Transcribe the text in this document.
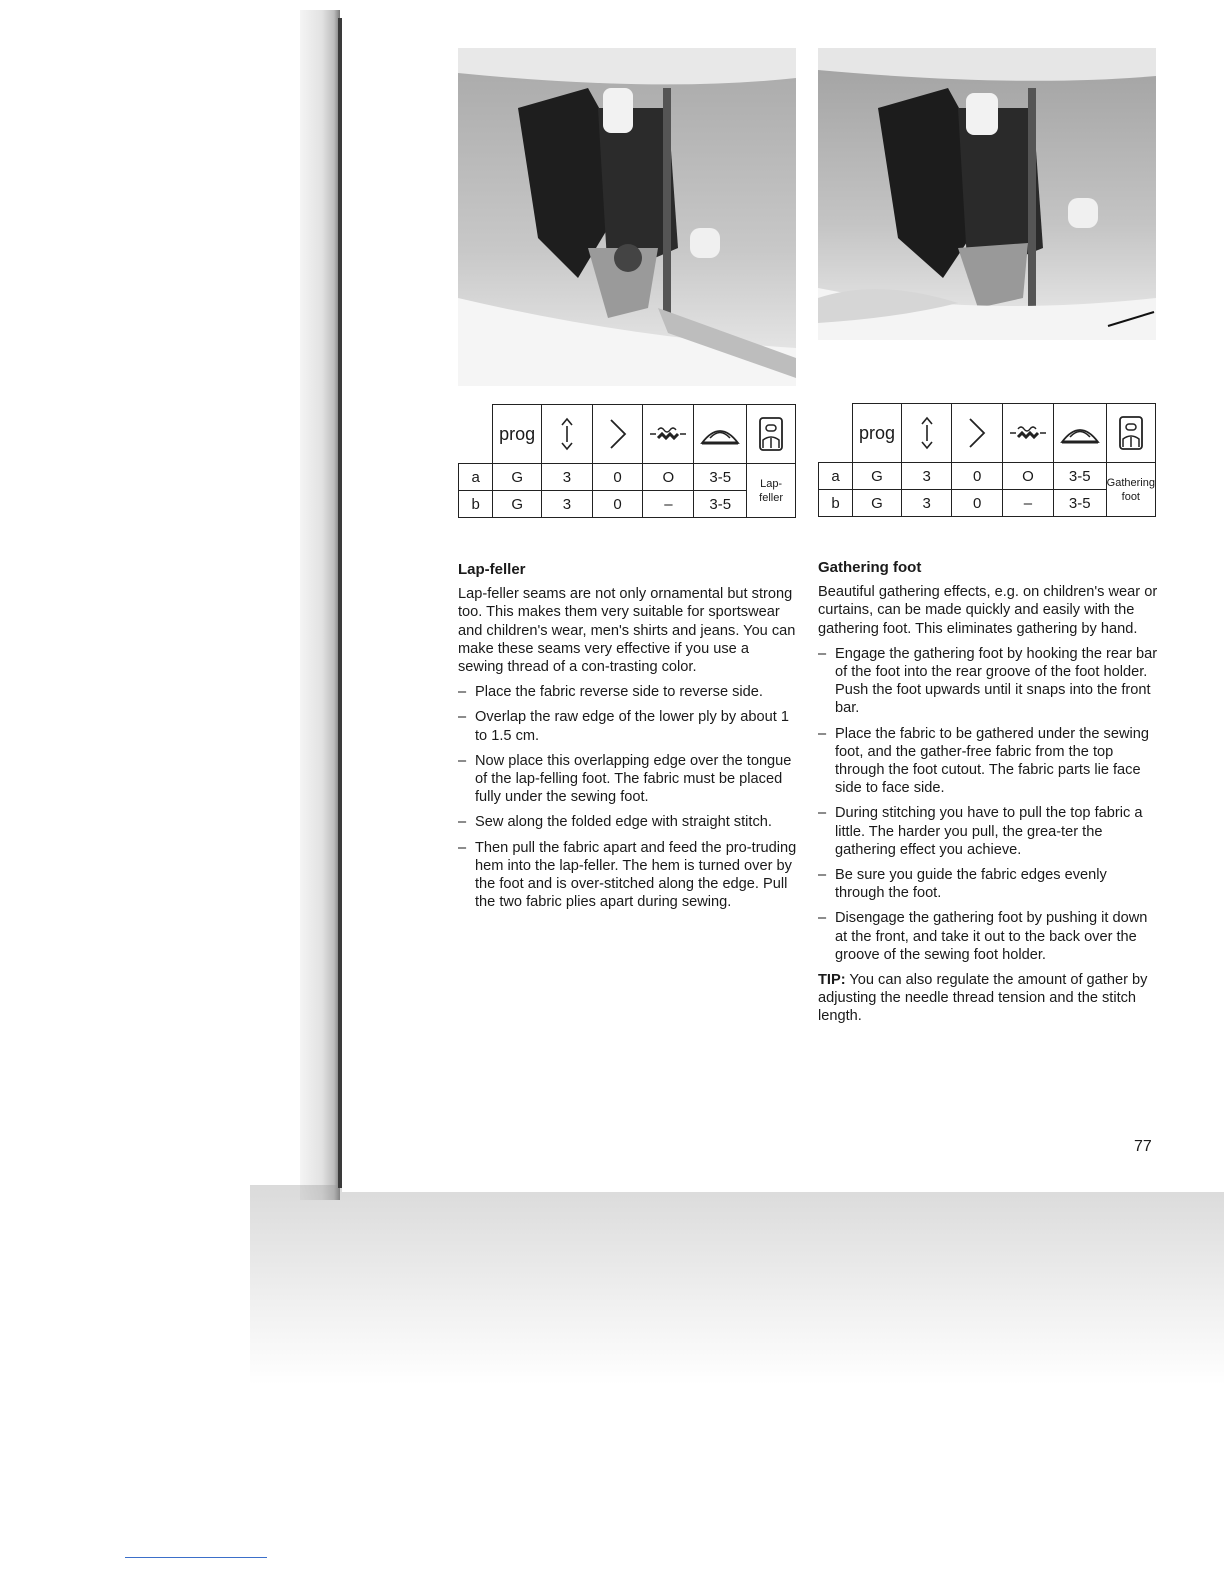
	prog	

a	G	3	0	O	3-5	Lap-
feller
b	G	3	0	–	3-5	
	prog	

a	G	3	0	O	3-5	Gathering
foot
b	G	3	0	–	3-5	
Lap-feller

Lap-feller seams are not only ornamental but strong too. This makes them very suitable for sportswear and children's wear, men's shirts and jeans. You can make these seams very effective if you use a sewing thread of a con-trasting color.

– Place the fabric reverse side to reverse side.
– Overlap the raw edge of the lower ply by about 1 to 1.5 cm.
– Now place this overlapping edge over the tongue of the lap-felling foot. The fabric must be placed fully under the sewing foot.
– Sew along the folded edge with straight stitch.
– Then pull the fabric apart and feed the pro-truding hem into the lap-feller. The hem is turned over by the foot and is over-stitched along the edge. Pull the two fabric plies apart during sewing.
Gathering foot

Beautiful gathering effects, e.g. on children's wear or curtains, can be made quickly and easily with the gathering foot. This eliminates gathering by hand.

– Engage the gathering foot by hooking the rear bar of the foot into the rear groove of the foot holder. Push the foot upwards until it snaps into the front bar.
– Place the fabric to be gathered under the sewing foot, and the gather-free fabric from the top through the foot cutout. The fabric parts lie face side to face side.
– During stitching you have to pull the top fabric a little. The harder you pull, the grea-ter the gathering effect you achieve.
– Be sure you guide the fabric edges evenly through the foot.
– Disengage the gathering foot by pushing it down at the front, and take it out to the back over the groove of the sewing foot holder.

TIP: You can also regulate the amount of gather by adjusting the needle thread tension and the stitch length.

77
